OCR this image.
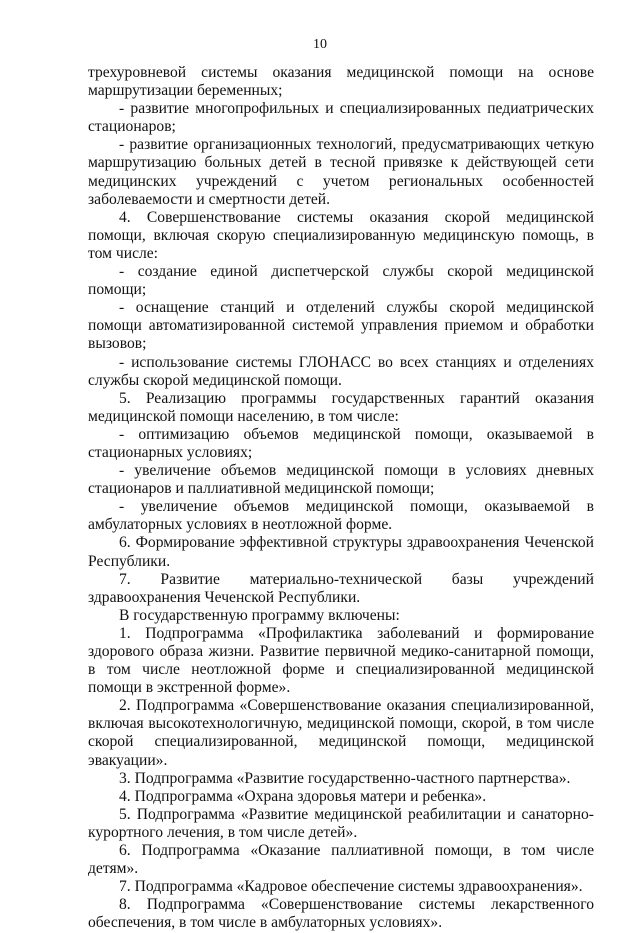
10

трехуровневой системы оказания медицинской помощи на основе маршрутизации беременных;

- развитие многопрофильных и специализированных педиатрических стационаров;

- развитие организационных технологий, предусматривающих четкую маршрутизацию больных детей в тесной привязке к действующей сети медицинских учреждений с учетом региональных особенностей заболеваемости и смертности детей.

4. Совершенствование системы оказания скорой медицинской помощи, включая скорую специализированную медицинскую помощь, в том числе:

- создание единой диспетчерской службы скорой медицинской помощи;

- оснащение станций и отделений службы скорой медицинской помощи автоматизированной системой управления приемом и обработки вызовов;

- использование системы ГЛОНАСС во всех станциях и отделениях службы скорой медицинской помощи.

5. Реализацию программы государственных гарантий оказания медицинской помощи населению, в том числе:

- оптимизацию объемов медицинской помощи, оказываемой в стационарных условиях;

- увеличение объемов медицинской помощи в условиях дневных стационаров и паллиативной медицинской помощи;

- увеличение объемов медицинской помощи, оказываемой в амбулаторных условиях в неотложной форме.

6. Формирование эффективной структуры здравоохранения Чеченской Республики.

7. Развитие материально-технической базы учреждений здравоохранения Чеченской Республики.

В государственную программу включены:

1. Подпрограмма «Профилактика заболеваний и формирование здорового образа жизни. Развитие первичной медико-санитарной помощи, в том числе неотложной форме и специализированной медицинской помощи в экстренной форме».

2. Подпрограмма «Совершенствование оказания специализированной, включая высокотехнологичную, медицинской помощи, скорой, в том числе скорой специализированной, медицинской помощи, медицинской эвакуации».

3. Подпрограмма «Развитие государственно-частного партнерства».

4. Подпрограмма «Охрана здоровья матери и ребенка».

5. Подпрограмма «Развитие медицинской реабилитации и санаторно-курортного лечения, в том числе детей».

6. Подпрограмма «Оказание паллиативной помощи, в том числе детям».

7. Подпрограмма «Кадровое обеспечение системы здравоохранения».

8. Подпрограмма «Совершенствование системы лекарственного обеспечения, в том числе в амбулаторных условиях».
